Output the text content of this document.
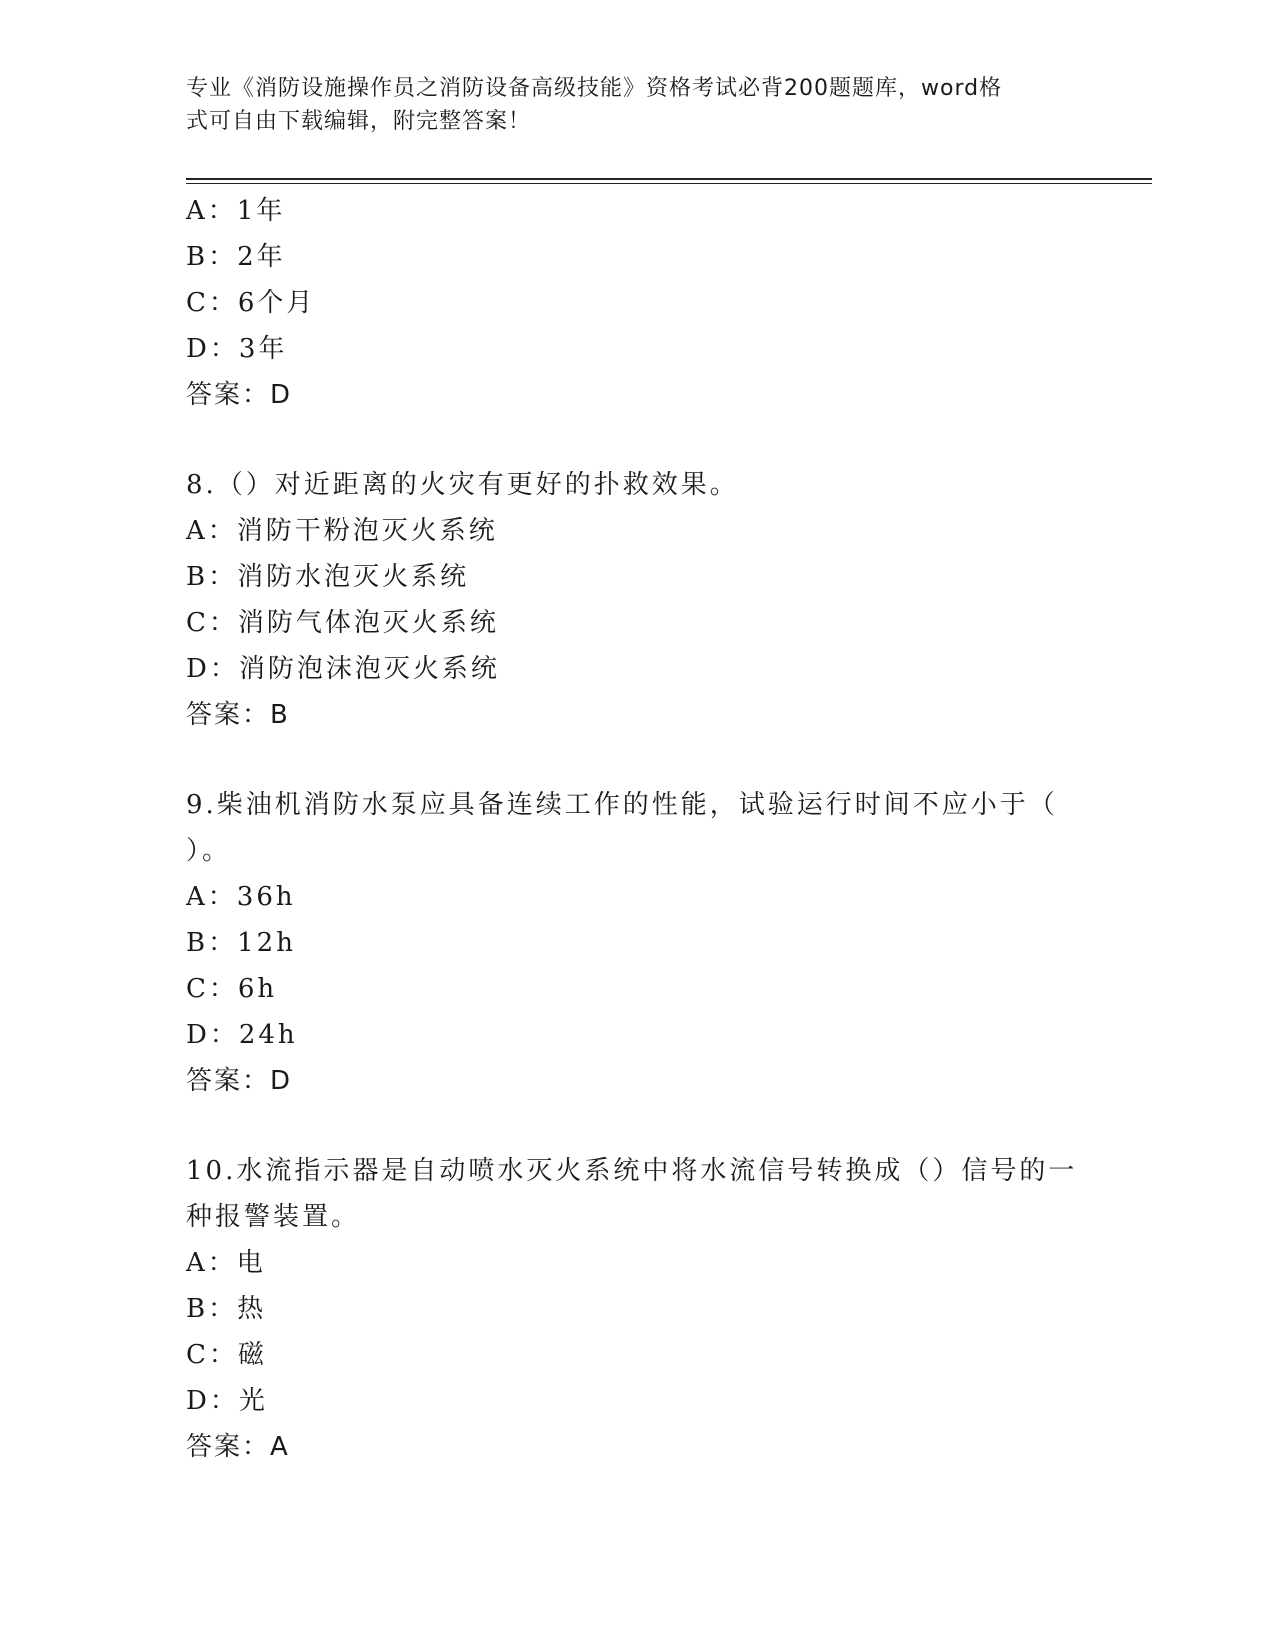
专业《消防设施操作员之消防设备高级技能》资格考试必背200题题库，word格
式可自由下载编辑，附完整答案！
A：1年
B：2年
C：6个月
D：3年
答案：D
8.（）对近距离的火灾有更好的扑救效果。
A：消防干粉泡灭火系统
B：消防水泡灭火系统
C：消防气体泡灭火系统
D：消防泡沫泡灭火系统
答案：B
9.柴油机消防水泵应具备连续工作的性能，试验运行时间不应小于（
）。
A：36h
B：12h
C：6h
D：24h
答案：D
10.水流指示器是自动喷水灭火系统中将水流信号转换成（）信号的一
种报警装置。
A：电
B：热
C：磁
D：光
答案：A
